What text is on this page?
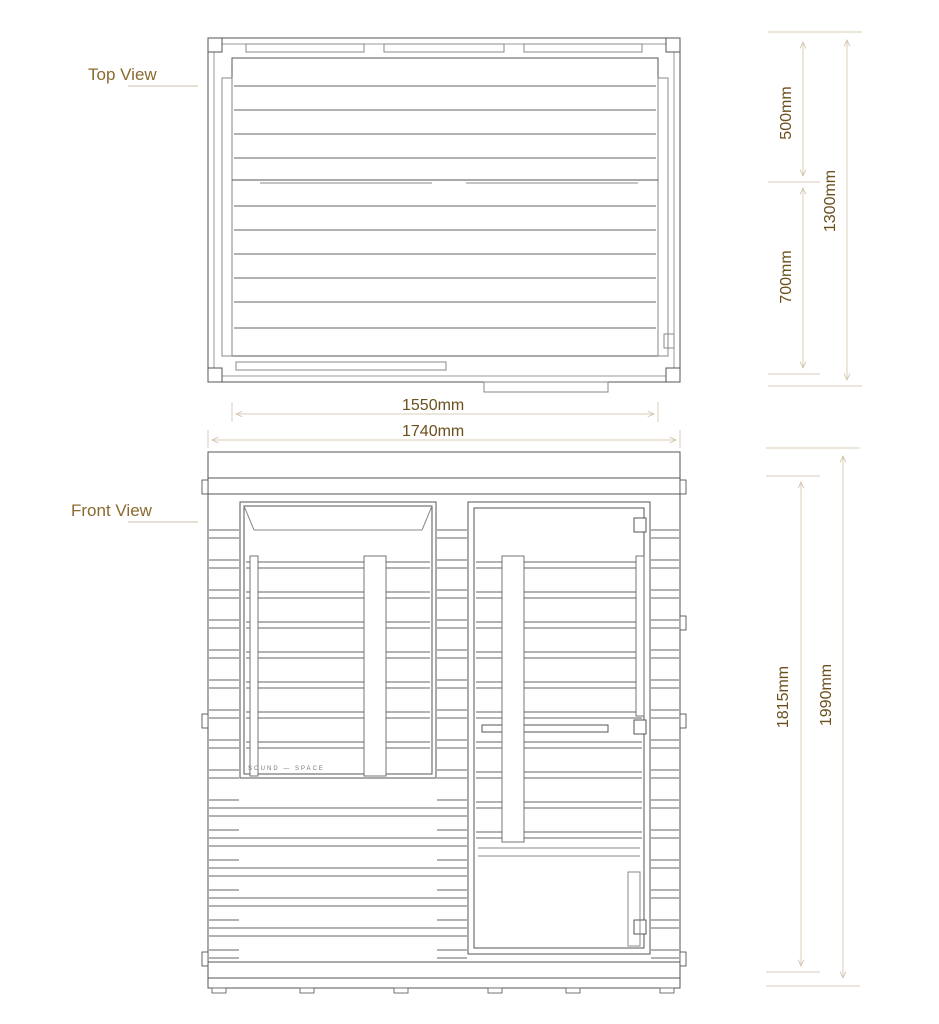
Top View
Front View
1550mm
1740mm
500mm
700mm
1300mm
1815mm 1990mm
SOUND — SPACE
